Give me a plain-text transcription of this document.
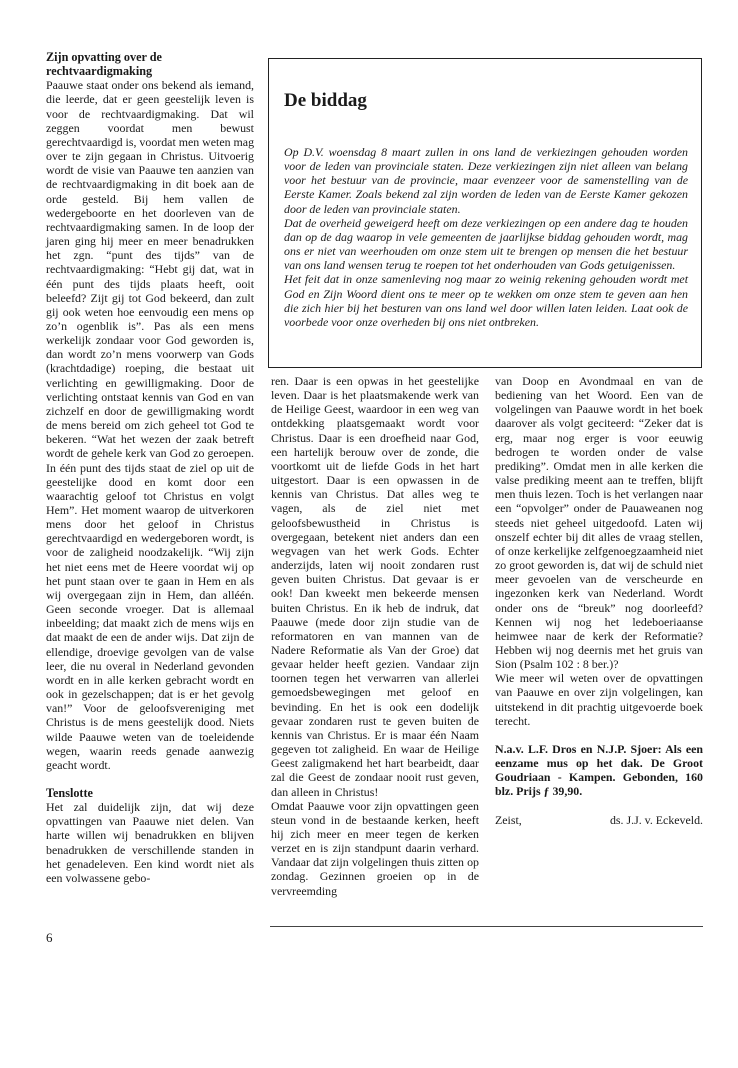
Zijn opvatting over de rechtvaardigmaking

Paauwe staat onder ons bekend als iemand, die leerde, dat er geen geestelijk leven is voor de rechtvaardigmaking. Dat wil zeggen voordat men bewust gerechtvaardigd is, voordat men weten mag over te zijn gegaan in Christus. Uitvoerig wordt de visie van Paauwe ten aanzien van de rechtvaardigmaking in dit boek aan de orde gesteld. Bij hem vallen de wedergeboorte en het doorleven van de rechtvaardigmaking samen. In de loop der jaren ging hij meer en meer benadrukken het zgn. “punt des tijds” van de rechtvaardigmaking: “Hebt gij dat, wat in één punt des tijds plaats heeft, ooit beleefd? Zijt gij tot God bekeerd, dan zult gij ook weten hoe eenvoudig een mens op zo’n ogenblik is”. Pas als een mens werkelijk zondaar voor God geworden is, dan wordt zo’n mens voorwerp van Gods (krachtdadige) roeping, die bestaat uit verlichting en gewilligmaking. Door de verlichting ontstaat kennis van God en van zichzelf en door de gewilligmaking wordt de mens bereid om zich geheel tot God te bekeren. “Wat het wezen der zaak betreft wordt de gehele kerk van God zo geroepen. In één punt des tijds staat de ziel op uit de geestelijke dood en komt door een waarachtig geloof tot Christus en volgt Hem”. Het moment waarop de uitverkoren mens door het geloof in Christus gerechtvaardigd en wedergeboren wordt, is voor de zaligheid noodzakelijk. “Wij zijn het niet eens met de Heere voordat wij op het punt staan over te gaan in Hem en als wij overgegaan zijn in Hem, dan alléén. Geen seconde vroeger. Dat is allemaal inbeelding; dat maakt zich de mens wijs en dat maakt de een de ander wijs. Dat zijn de ellendige, droevige gevolgen van de valse leer, die nu overal in Nederland gevonden wordt en in alle kerken gebracht wordt en ook in gezelschappen; dat is er het gevolg van!” Voor de geloofsvereniging met Christus is de mens geestelijk dood. Niets wilde Paauwe weten van de toeleidende wegen, waarin reeds genade aanwezig geacht wordt.

Tenslotte

Het zal duidelijk zijn, dat wij deze opvattingen van Paauwe niet delen. Van harte willen wij benadrukken en blijven benadrukken de verschillende standen in het genadeleven. Een kind wordt niet als een volwassene gebo-

De biddag

Op D.V. woensdag 8 maart zullen in ons land de verkiezingen gehouden worden voor de leden van provinciale staten. Deze verkiezingen zijn niet alleen van belang voor het bestuur van de provincie, maar evenzeer voor de samenstelling van de Eerste Kamer. Zoals bekend zal zijn worden de leden van de Eerste Kamer gekozen door de leden van provinciale staten.

Dat de overheid geweigerd heeft om deze verkiezingen op een andere dag te houden dan op de dag waarop in vele gemeenten de jaarlijkse biddag gehouden wordt, mag ons er niet van weerhouden om onze stem uit te brengen op mensen die het bestuur van ons land wensen terug te roepen tot het onderhouden van Gods getuigenissen.

Het feit dat in onze samenleving nog maar zo weinig rekening gehouden wordt met God en Zijn Woord dient ons te meer op te wekken om onze stem te geven aan hen die zich hier bij het besturen van ons land wel door willen laten leiden. Laat ook de voorbede voor onze overheden bij ons niet ontbreken.

ren. Daar is een opwas in het geestelijke leven. Daar is het plaatsmakende werk van de Heilige Geest, waardoor in een weg van ontdekking plaatsgemaakt wordt voor Christus. Daar is een droefheid naar God, een hartelijk berouw over de zonde, die voortkomt uit de liefde Gods in het hart uitgestort. Daar is een opwassen in de kennis van Christus. Dat alles weg te vagen, als de ziel niet met geloofsbewustheid in Christus is overgegaan, betekent niet anders dan een wegvagen van het werk Gods. Echter anderzijds, laten wij nooit zondaren rust geven buiten Christus. Dat gevaar is er ook! Dan kweekt men bekeerde mensen buiten Christus. En ik heb de indruk, dat Paauwe (mede door zijn studie van de reformatoren en van mannen van de Nadere Reformatie als Van der Groe) dat gevaar helder heeft gezien. Vandaar zijn toornen tegen het verwarren van allerlei gemoedsbewegingen met geloof en bevinding. En het is ook een dodelijk gevaar zondaren rust te geven buiten de kennis van Christus. Er is maar één Naam gegeven tot zaligheid. En waar de Heilige Geest zaligmakend het hart bearbeidt, daar zal die Geest de zondaar nooit rust geven, dan alleen in Christus!

Omdat Paauwe voor zijn opvattingen geen steun vond in de bestaande kerken, heeft hij zich meer en meer tegen de kerken verzet en is zijn standpunt daarin verhard. Vandaar dat zijn volgelingen thuis zitten op zondag. Gezinnen groeien op in de vervreemding

van Doop en Avondmaal en van de bediening van het Woord. Een van de volgelingen van Paauwe wordt in het boek daarover als volgt geciteerd: “Zeker dat is erg, maar nog erger is voor eeuwig bedrogen te worden onder de valse prediking”. Omdat men in alle kerken die valse prediking meent aan te treffen, blijft men thuis lezen. Toch is het verlangen naar een “opvolger” onder de Pauaweanen nog steeds niet geheel uitgedoofd. Laten wij onszelf echter bij dit alles de vraag stellen, of onze kerkelijke zelfgenoegzaamheid niet zo groot geworden is, dat wij de schuld niet meer gevoelen van de verscheurde en ingezonken kerk van Nederland. Wordt onder ons de “breuk” nog doorleefd? Kennen wij nog het ledeboeriaanse heimwee naar de kerk der Reformatie? Hebben wij nog deernis met het gruis van Sion (Psalm 102 : 8 ber.)?

Wie meer wil weten over de opvattingen van Paauwe en over zijn volgelingen, kan uitstekend in dit prachtig uitgevoerde boek terecht.

N.a.v. L.F. Dros en N.J.P. Sjoer: Als een eenzame mus op het dak. De Groot Goudriaan - Kampen. Gebonden, 160 blz. Prijs ƒ 39,90.

Zeist,	ds. J.J. v. Eckeveld.
6
